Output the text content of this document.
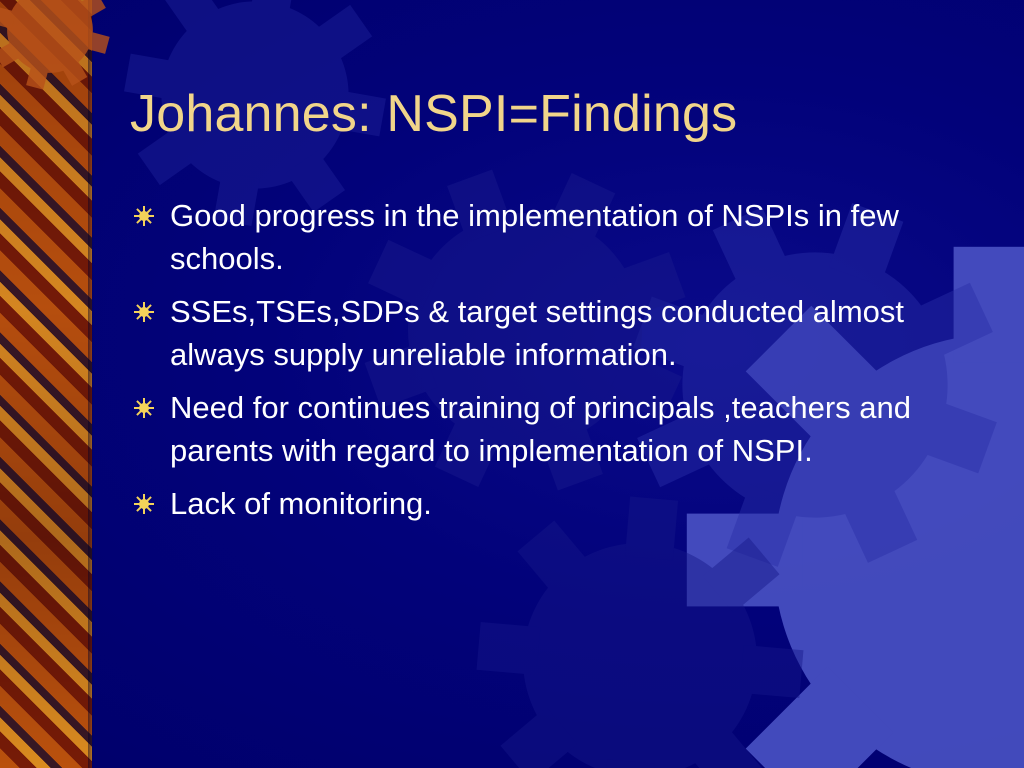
Johannes: NSPI=Findings
Good progress in the implementation of NSPIs in few schools.
SSEs,TSEs,SDPs & target settings conducted almost always supply unreliable information.
Need for continues training of principals ,teachers and parents with regard to implementation of NSPI.
Lack of monitoring.
